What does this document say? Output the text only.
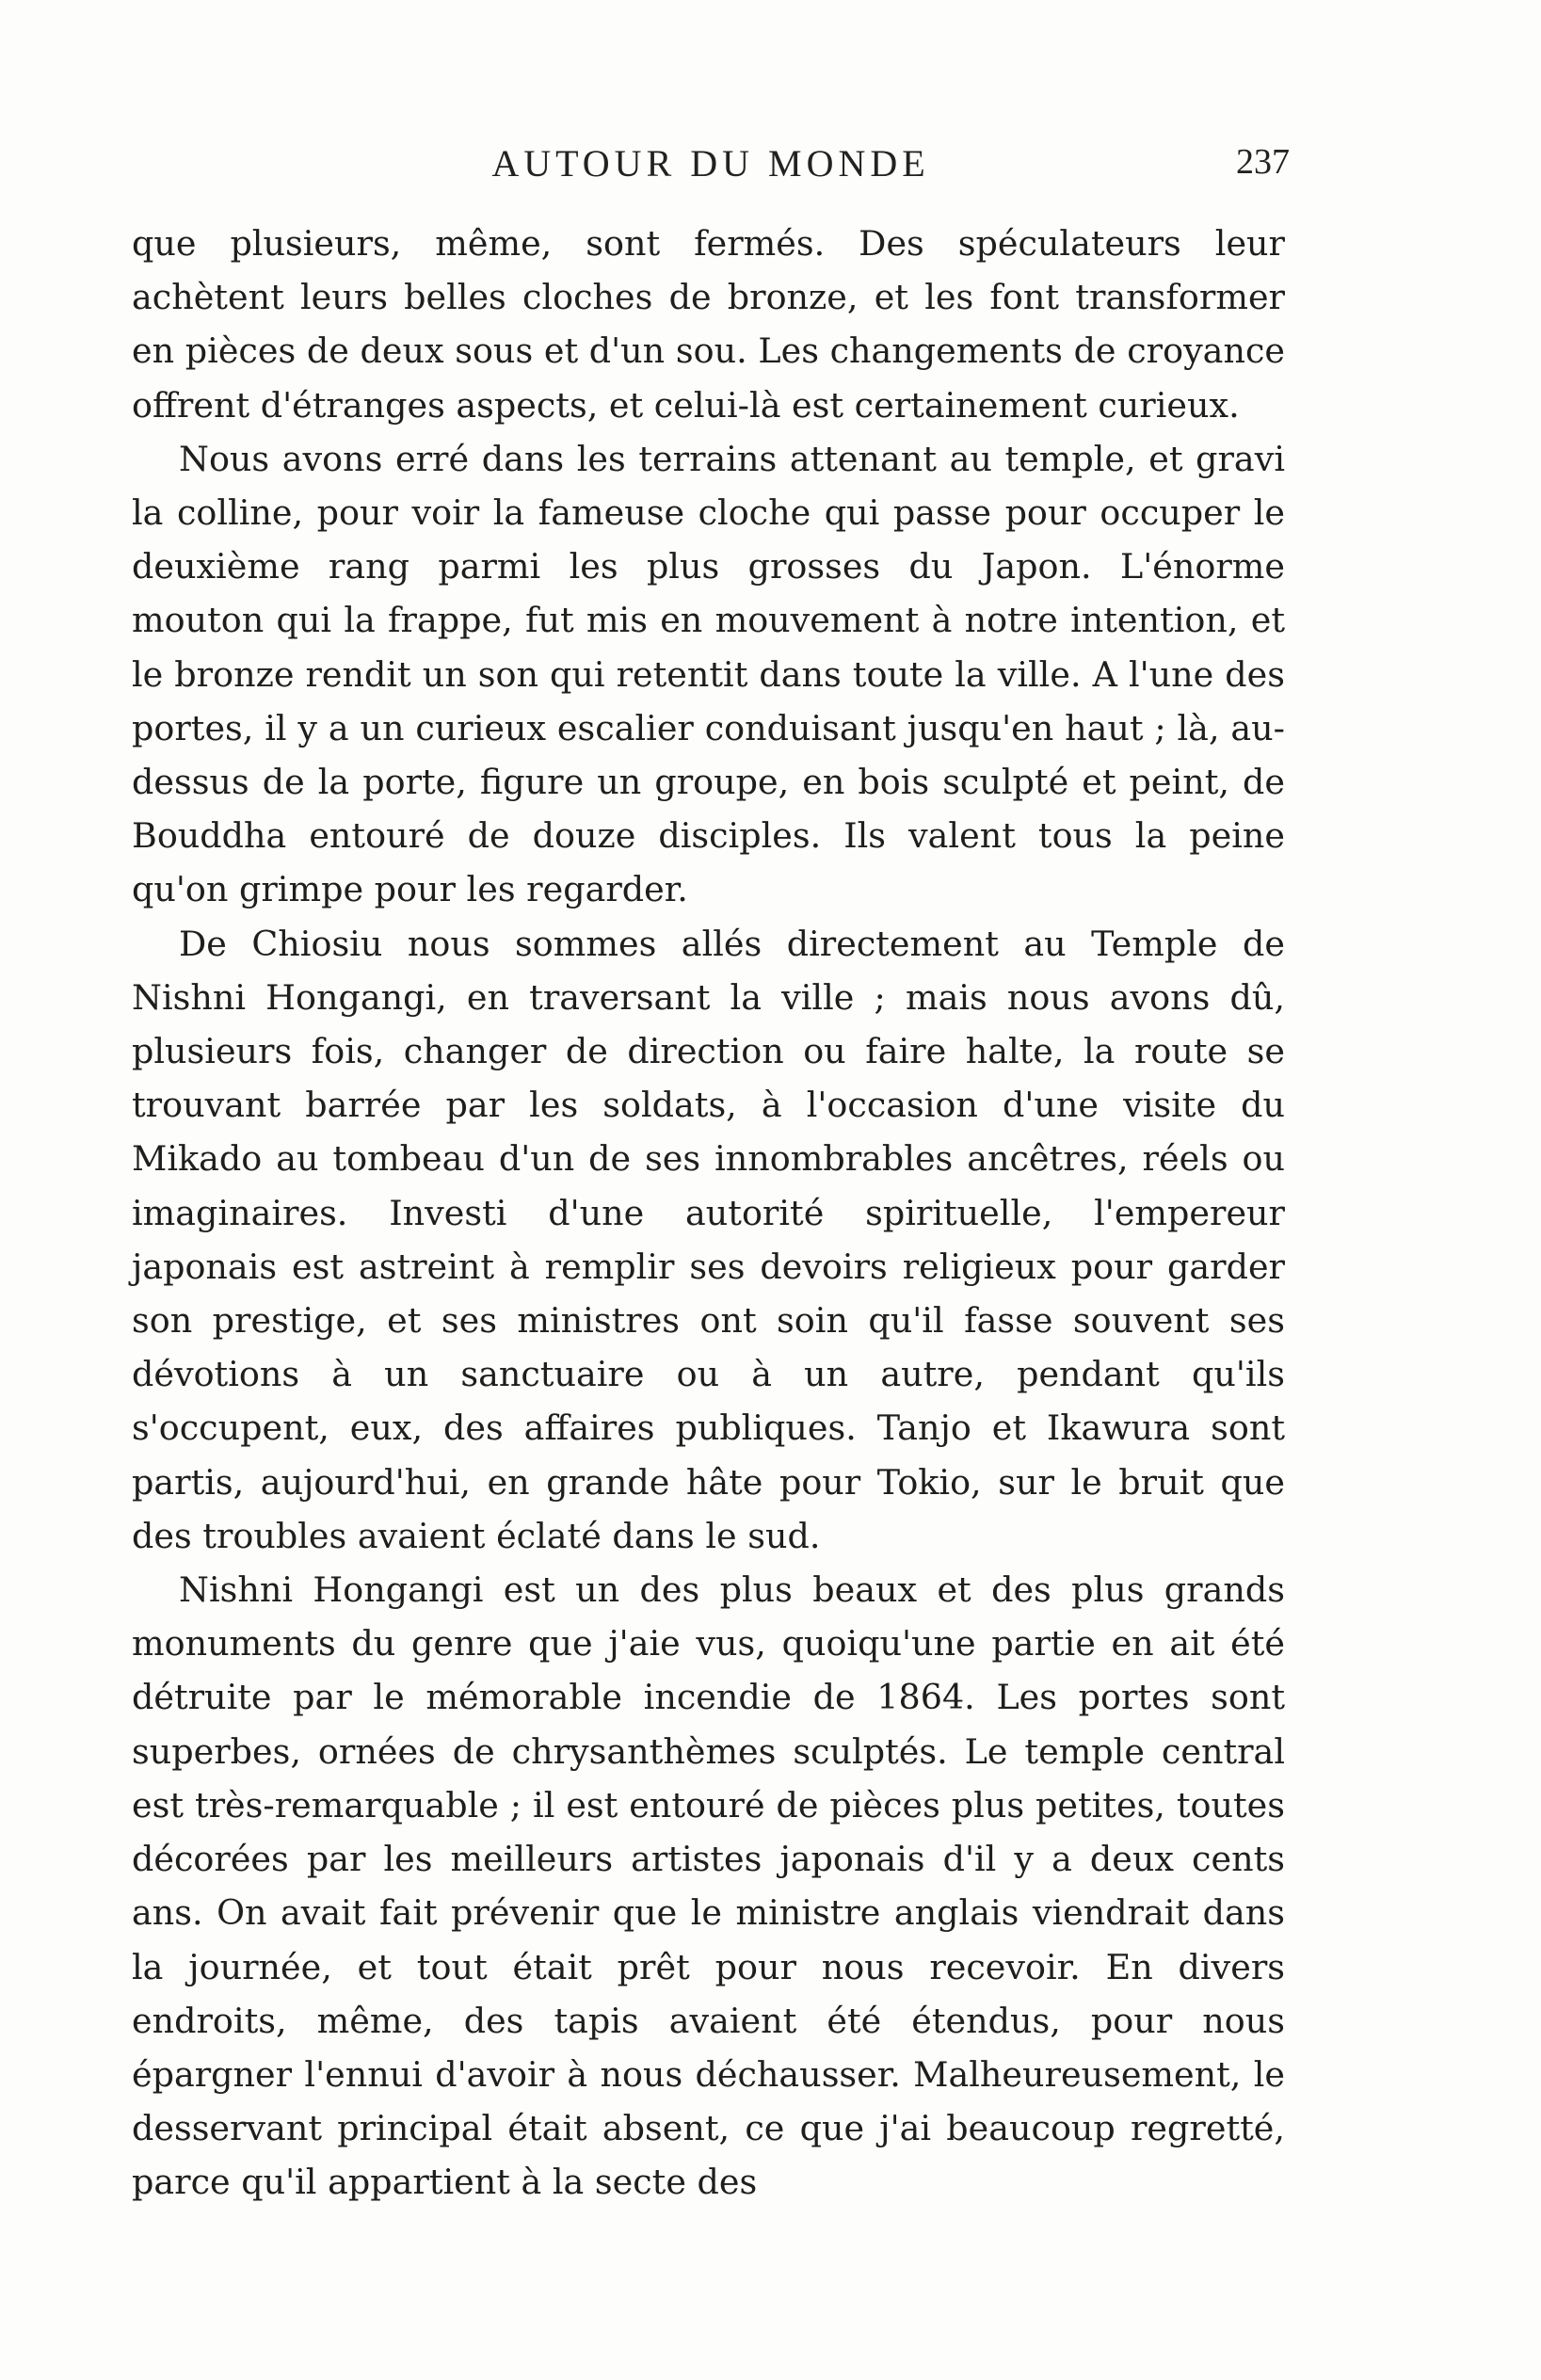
AUTOUR DU MONDE	237

que plusieurs, même, sont fermés. Des spéculateurs leur achètent leurs belles cloches de bronze, et les font transformer en pièces de deux sous et d'un sou. Les changements de croyance offrent d'étranges aspects, et celui-là est certainement curieux.

Nous avons erré dans les terrains attenant au temple, et gravi la colline, pour voir la fameuse cloche qui passe pour occuper le deuxième rang parmi les plus grosses du Japon. L'énorme mouton qui la frappe, fut mis en mouvement à notre intention, et le bronze rendit un son qui retentit dans toute la ville. A l'une des portes, il y a un curieux escalier conduisant jusqu'en haut ; là, au-dessus de la porte, figure un groupe, en bois sculpté et peint, de Bouddha entouré de douze disciples. Ils valent tous la peine qu'on grimpe pour les regarder.

De Chiosiu nous sommes allés directement au Temple de Nishni Hongangi, en traversant la ville ; mais nous avons dû, plusieurs fois, changer de direction ou faire halte, la route se trouvant barrée par les soldats, à l'occasion d'une visite du Mikado au tombeau d'un de ses innombrables ancêtres, réels ou imaginaires. Investi d'une autorité spirituelle, l'empereur japonais est astreint à remplir ses devoirs religieux pour garder son prestige, et ses ministres ont soin qu'il fasse souvent ses dévotions à un sanctuaire ou à un autre, pendant qu'ils s'occupent, eux, des affaires publiques. Tanjo et Ikawura sont partis, aujourd'hui, en grande hâte pour Tokio, sur le bruit que des troubles avaient éclaté dans le sud.

Nishni Hongangi est un des plus beaux et des plus grands monuments du genre que j'aie vus, quoiqu'une partie en ait été détruite par le mémorable incendie de 1864. Les portes sont superbes, ornées de chrysanthèmes sculptés. Le temple central est très-remarquable ; il est entouré de pièces plus petites, toutes décorées par les meilleurs artistes japonais d'il y a deux cents ans. On avait fait prévenir que le ministre anglais viendrait dans la journée, et tout était prêt pour nous recevoir. En divers endroits, même, des tapis avaient été étendus, pour nous épargner l'ennui d'avoir à nous déchausser. Malheureusement, le desservant principal était absent, ce que j'ai beaucoup regretté, parce qu'il appartient à la secte des
